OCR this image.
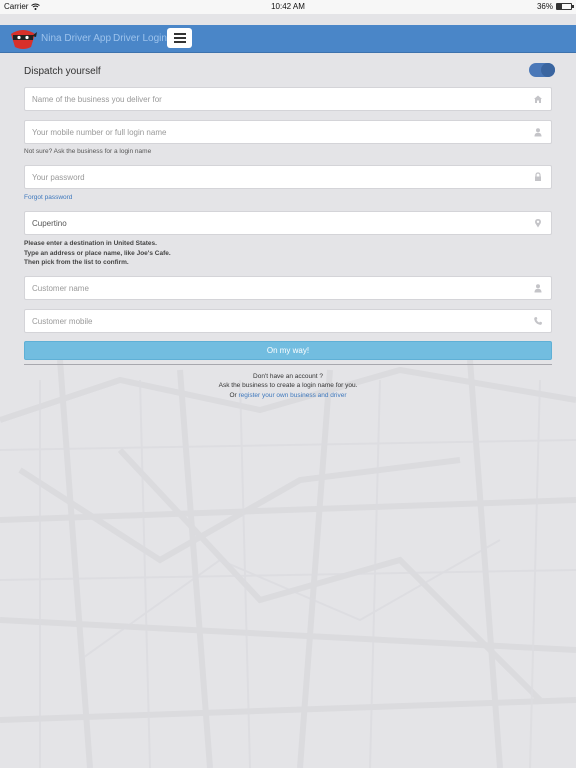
Carrier	10:42 AM	36%
Nina Driver App Driver Login
Dispatch yourself
Name of the business you deliver for
Your mobile number or full login name
Not sure? Ask the business for a login name
Forgot password
Cupertino
Please enter a destination in United States.
Type an address or place name, like Joe's Cafe.
Then pick from the list to confirm.
Customer name
Customer mobile
On my way!
Don't have an account ?
Ask the business to create a login name for you.
Or register your own business and driver
